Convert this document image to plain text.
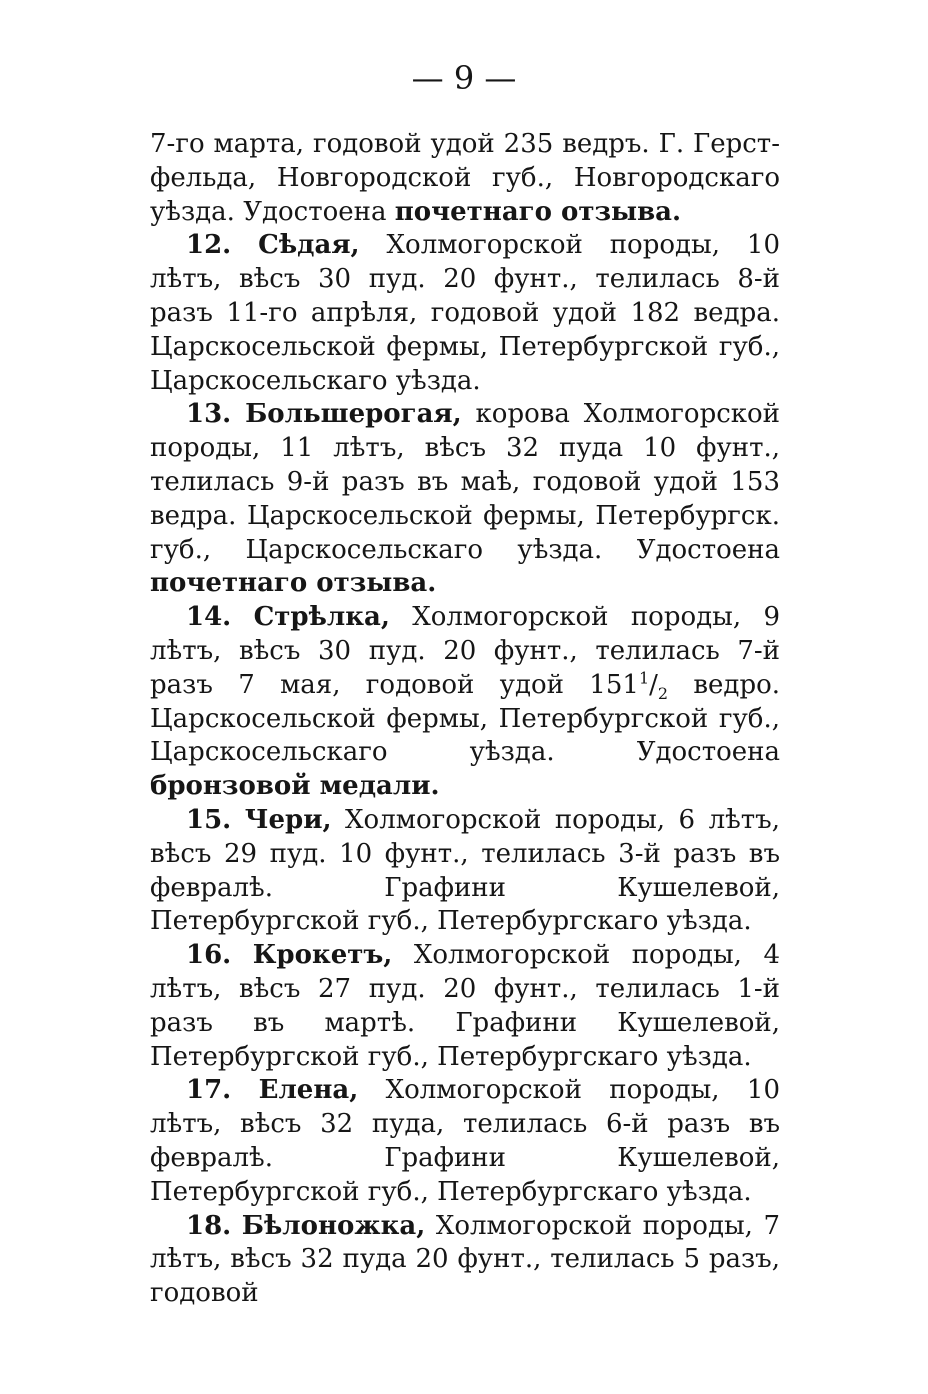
— 9 —

7-го марта, годовой удой 235 ведръ. Г. Герстфельда, Новгородской губ., Новгородскаго уѣзда. Удостоена почетнаго отзыва.

12. Сѣдая, Холмогорской породы, 10 лѣтъ, вѣсъ 30 пуд. 20 фунт., телилась 8-й разъ 11-го апрѣля, годовой удой 182 ведра. Царскосельской фермы, Петербургской губ., Царскосельскаго уѣзда.

13. Большерогая, корова Холмогорской породы, 11 лѣтъ, вѣсъ 32 пуда 10 фунт., телилась 9-й разъ въ маѣ, годовой удой 153 ведра. Царскосельской фермы, Петербургск. губ., Царскосельскаго уѣзда. Удостоена почетнаго отзыва.

14. Стрѣлка, Холмогорской породы, 9 лѣтъ, вѣсъ 30 пуд. 20 фунт., телилась 7-й разъ 7 мая, годовой удой $151^1/_2$ ведро. Царскосельской фермы, Петербургской губ., Царскосельскаго уѣзда. Удостоена бронзовой медали.

15. Чери, Холмогорской породы, 6 лѣтъ, вѣсъ 29 пуд. 10 фунт., телилась 3-й разъ въ февралѣ. Графини Кушелевой, Петербургской губ., Петербургскаго уѣзда.

16. Крокетъ, Холмогорской породы, 4 лѣтъ, вѣсъ 27 пуд. 20 фунт., телилась 1-й разъ въ мартѣ. Графини Кушелевой, Петербургской губ., Петербургскаго уѣзда.

17. Елена, Холмогорской породы, 10 лѣтъ, вѣсъ 32 пуда, телилась 6-й разъ въ февралѣ. Графини Кушелевой, Петербургской губ., Петербургскаго уѣзда.

18. Бѣлоножка, Холмогорской породы, 7 лѣтъ, вѣсъ 32 пуда 20 фунт., телилась 5 разъ, годовой
